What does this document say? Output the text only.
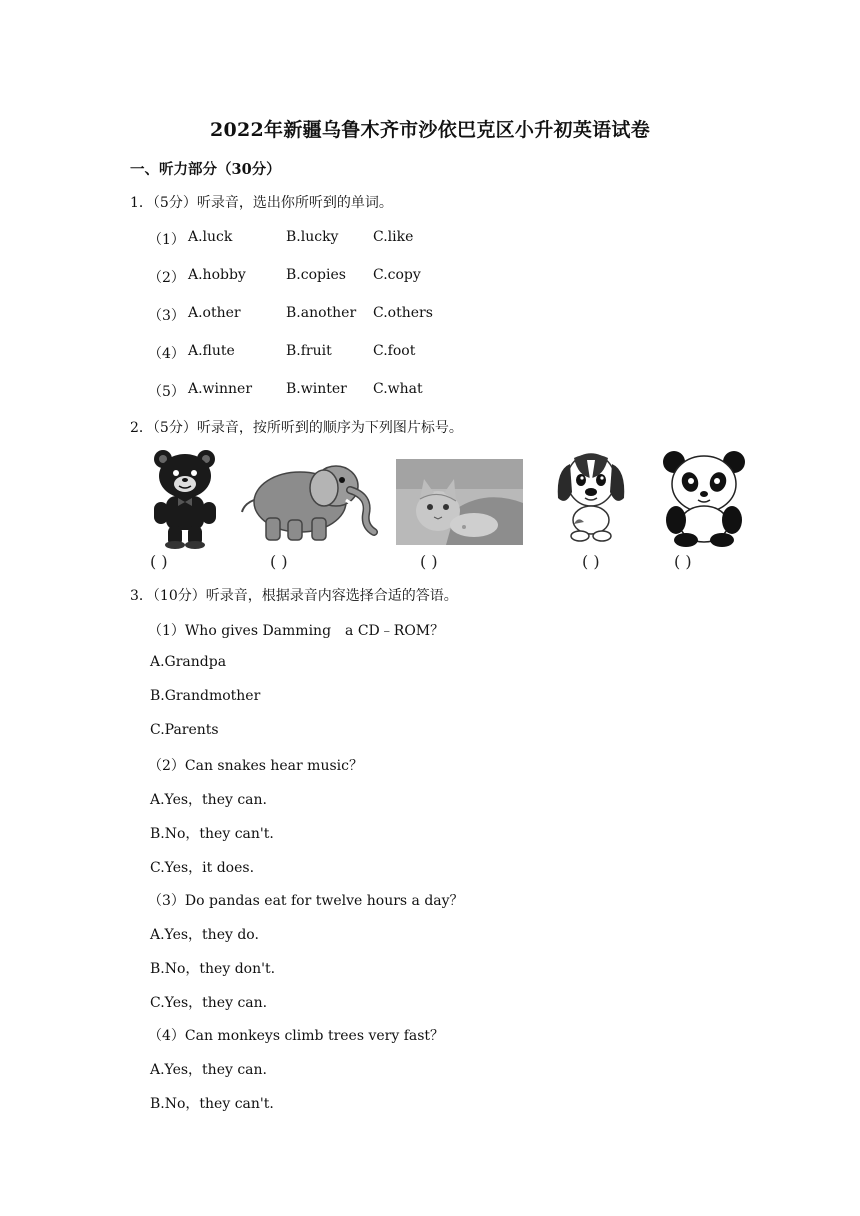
2022年新疆乌鲁木齐市沙依巴克区小升初英语试卷
一、听力部分（30分）
1．（5分）听录音，选出你所听到的单词。
（1） A.luck	B.lucky C.like
（2） A.hobby	B.copies C.copy
（3） A.other	B.another C.others
（4） A.flute	B.fruit	C.foot
（5） A.winner B.winter C.what
2．（5分）听录音，按所听到的顺序为下列图片标号。
( )	( )	( )	( )	( )
3．（10分）听录音，根据录音内容选择合适的答语。
（1）Who gives Damming　a CD﹣ROM？
A.Grandpa
B.Grandmother
C.Parents
（2）Can snakes hear music？
A.Yes，they can.
B.No，they can't.
C.Yes，it does.
（3）Do pandas eat for twelve hours a day？
A.Yes，they do.
B.No，they don't.
C.Yes，they can.
（4）Can monkeys climb trees very fast？
A.Yes，they can.
B.No，they can't.
